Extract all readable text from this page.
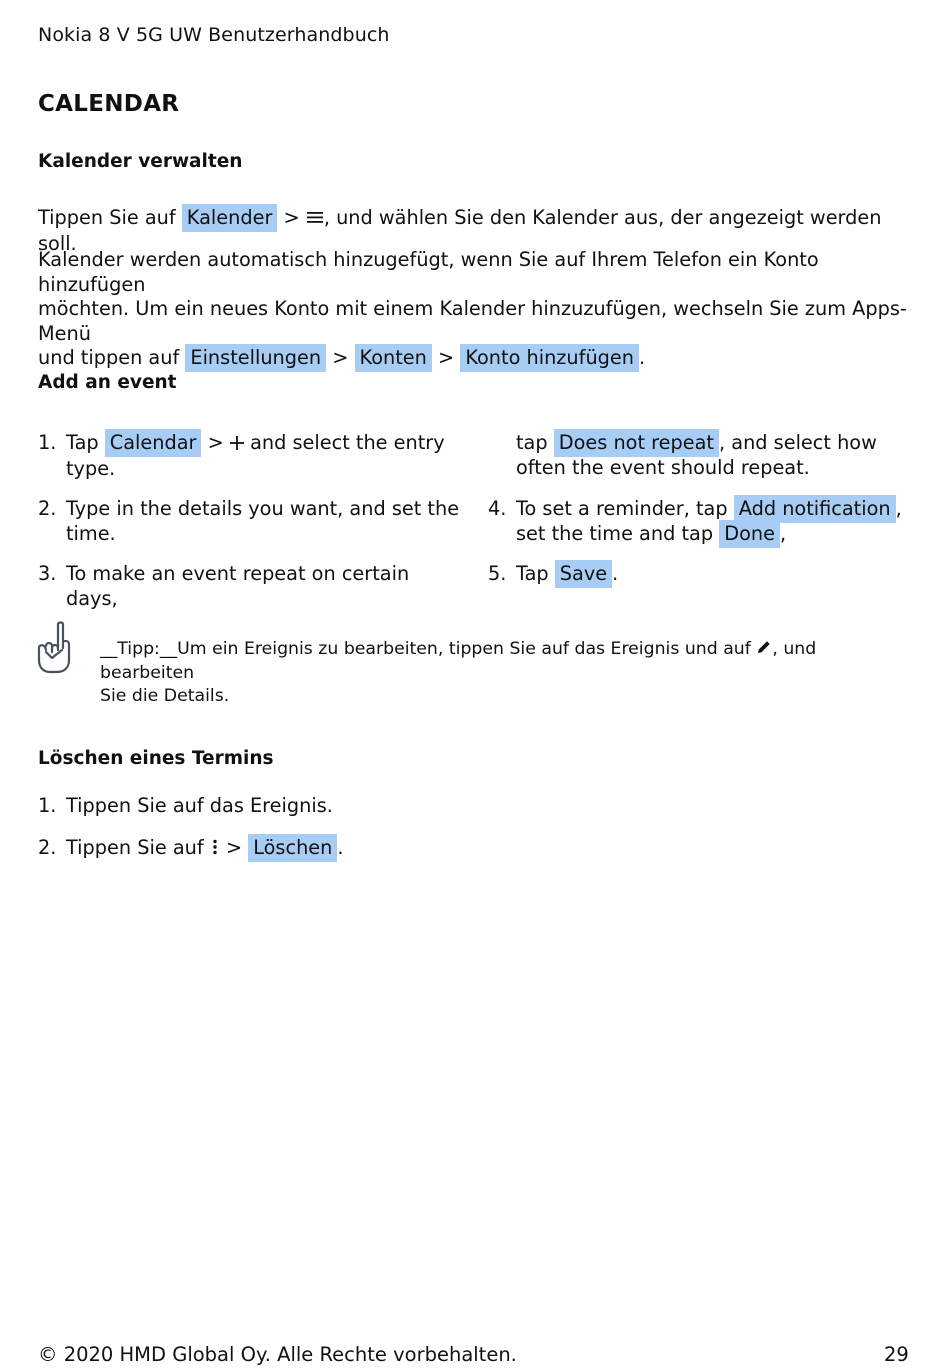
Nokia 8 V 5G UW Benutzerhandbuch
CALENDAR
Kalender verwalten
Tippen Sie auf Kalender > , und wählen Sie den Kalender aus, der angezeigt werden soll.
Kalender werden automatisch hinzugefügt, wenn Sie auf Ihrem Telefon ein Konto hinzufügen
möchten. Um ein neues Konto mit einem Kalender hinzuzufügen, wechseln Sie zum Apps-Menü
und tippen auf Einstellungen > Konten > Konto hinzufügen .
Add an event
1. Tap Calendar > and select the entry
type.
2. Type in the details you want, and set the
time.
3. To make an event repeat on certain days,
tap Does not repeat , and select how
often the event should repeat.
4. To set a reminder, tap Add notification ,
set the time and tap Done ,
5. Tap Save .
__Tipp:__Um ein Ereignis zu bearbeiten, tippen Sie auf das Ereignis und auf , und bearbeiten
Sie die Details.
Löschen eines Termins
1. Tippen Sie auf das Ereignis.
2. Tippen Sie auf > Löschen .
© 2020 HMD Global Oy. Alle Rechte vorbehalten.	29
